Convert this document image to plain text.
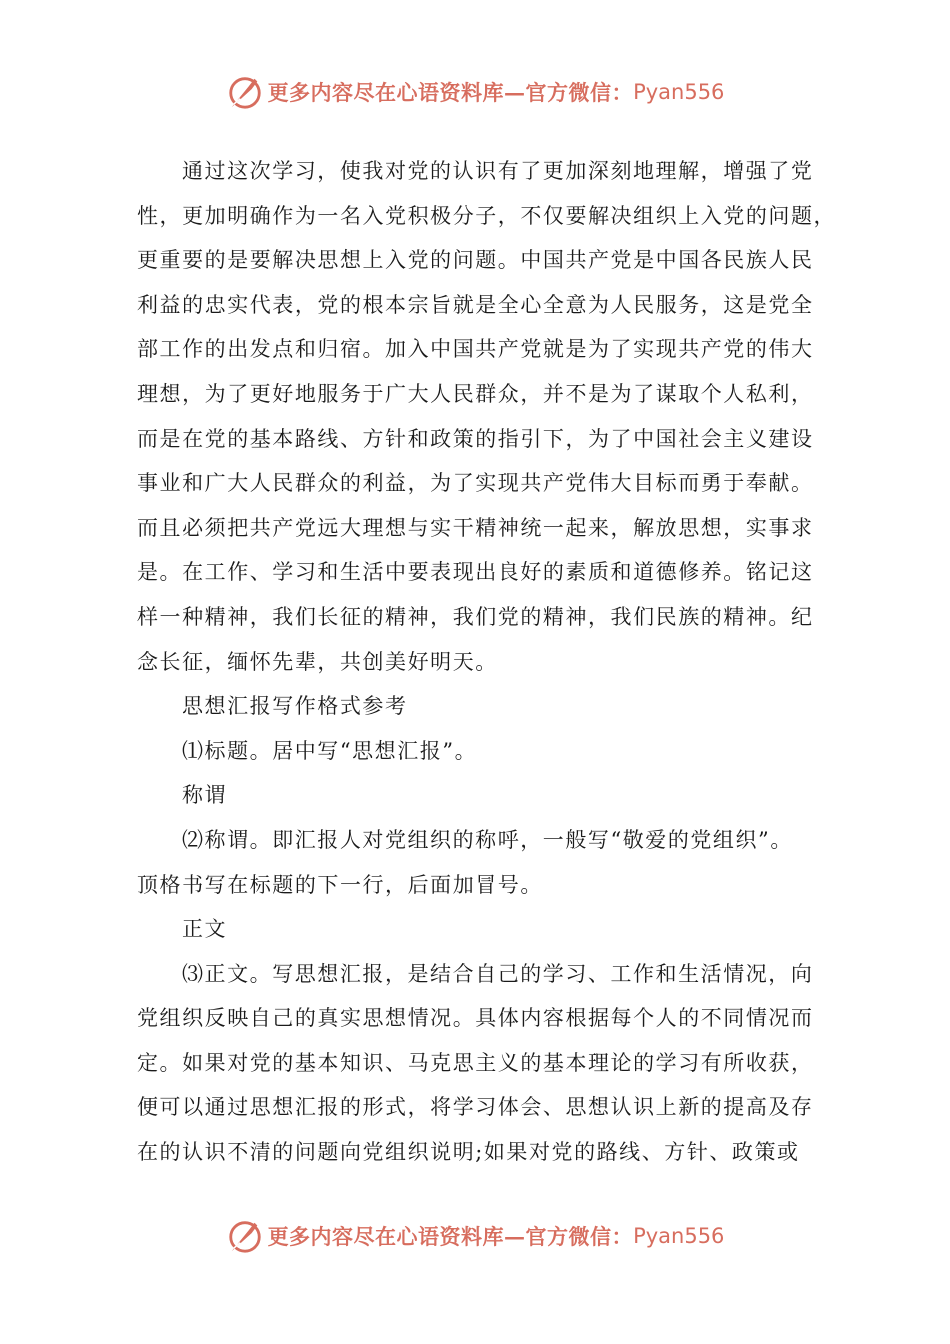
更多内容尽在心语资料库—官方微信： Pyan556
通过这次学习，使我对党的认识有了更加深刻地理解，增强了党
性，更加明确作为一名入党积极分子，不仅要解决组织上入党的问题，
更重要的是要解决思想上入党的问题。中国共产党是中国各民族人民
利益的忠实代表，党的根本宗旨就是全心全意为人民服务，这是党全
部工作的出发点和归宿。加入中国共产党就是为了实现共产党的伟大
理想，为了更好地服务于广大人民群众，并不是为了谋取个人私利，
而是在党的基本路线、方针和政策的指引下，为了中国社会主义建设
事业和广大人民群众的利益，为了实现共产党伟大目标而勇于奉献。
而且必须把共产党远大理想与实干精神统一起来，解放思想，实事求
是。在工作、学习和生活中要表现出良好的素质和道德修养。铭记这
样一种精神，我们长征的精神，我们党的精神，我们民族的精神。纪
念长征，缅怀先辈，共创美好明天。
思想汇报写作格式参考
⑴标题。居中写“思想汇报”。
称谓
⑵称谓。即汇报人对党组织的称呼，一般写“敬爱的党组织”。
顶格书写在标题的下一行，后面加冒号。
正文
⑶正文。写思想汇报，是结合自己的学习、工作和生活情况，向
党组织反映自己的真实思想情况。具体内容根据每个人的不同情况而
定。如果对党的基本知识、马克思主义的基本理论的学习有所收获，
便可以通过思想汇报的形式，将学习体会、思想认识上新的提高及存
在的认识不清的问题向党组织说明;如果对党的路线、方针、政策或
更多内容尽在心语资料库—官方微信： Pyan556
